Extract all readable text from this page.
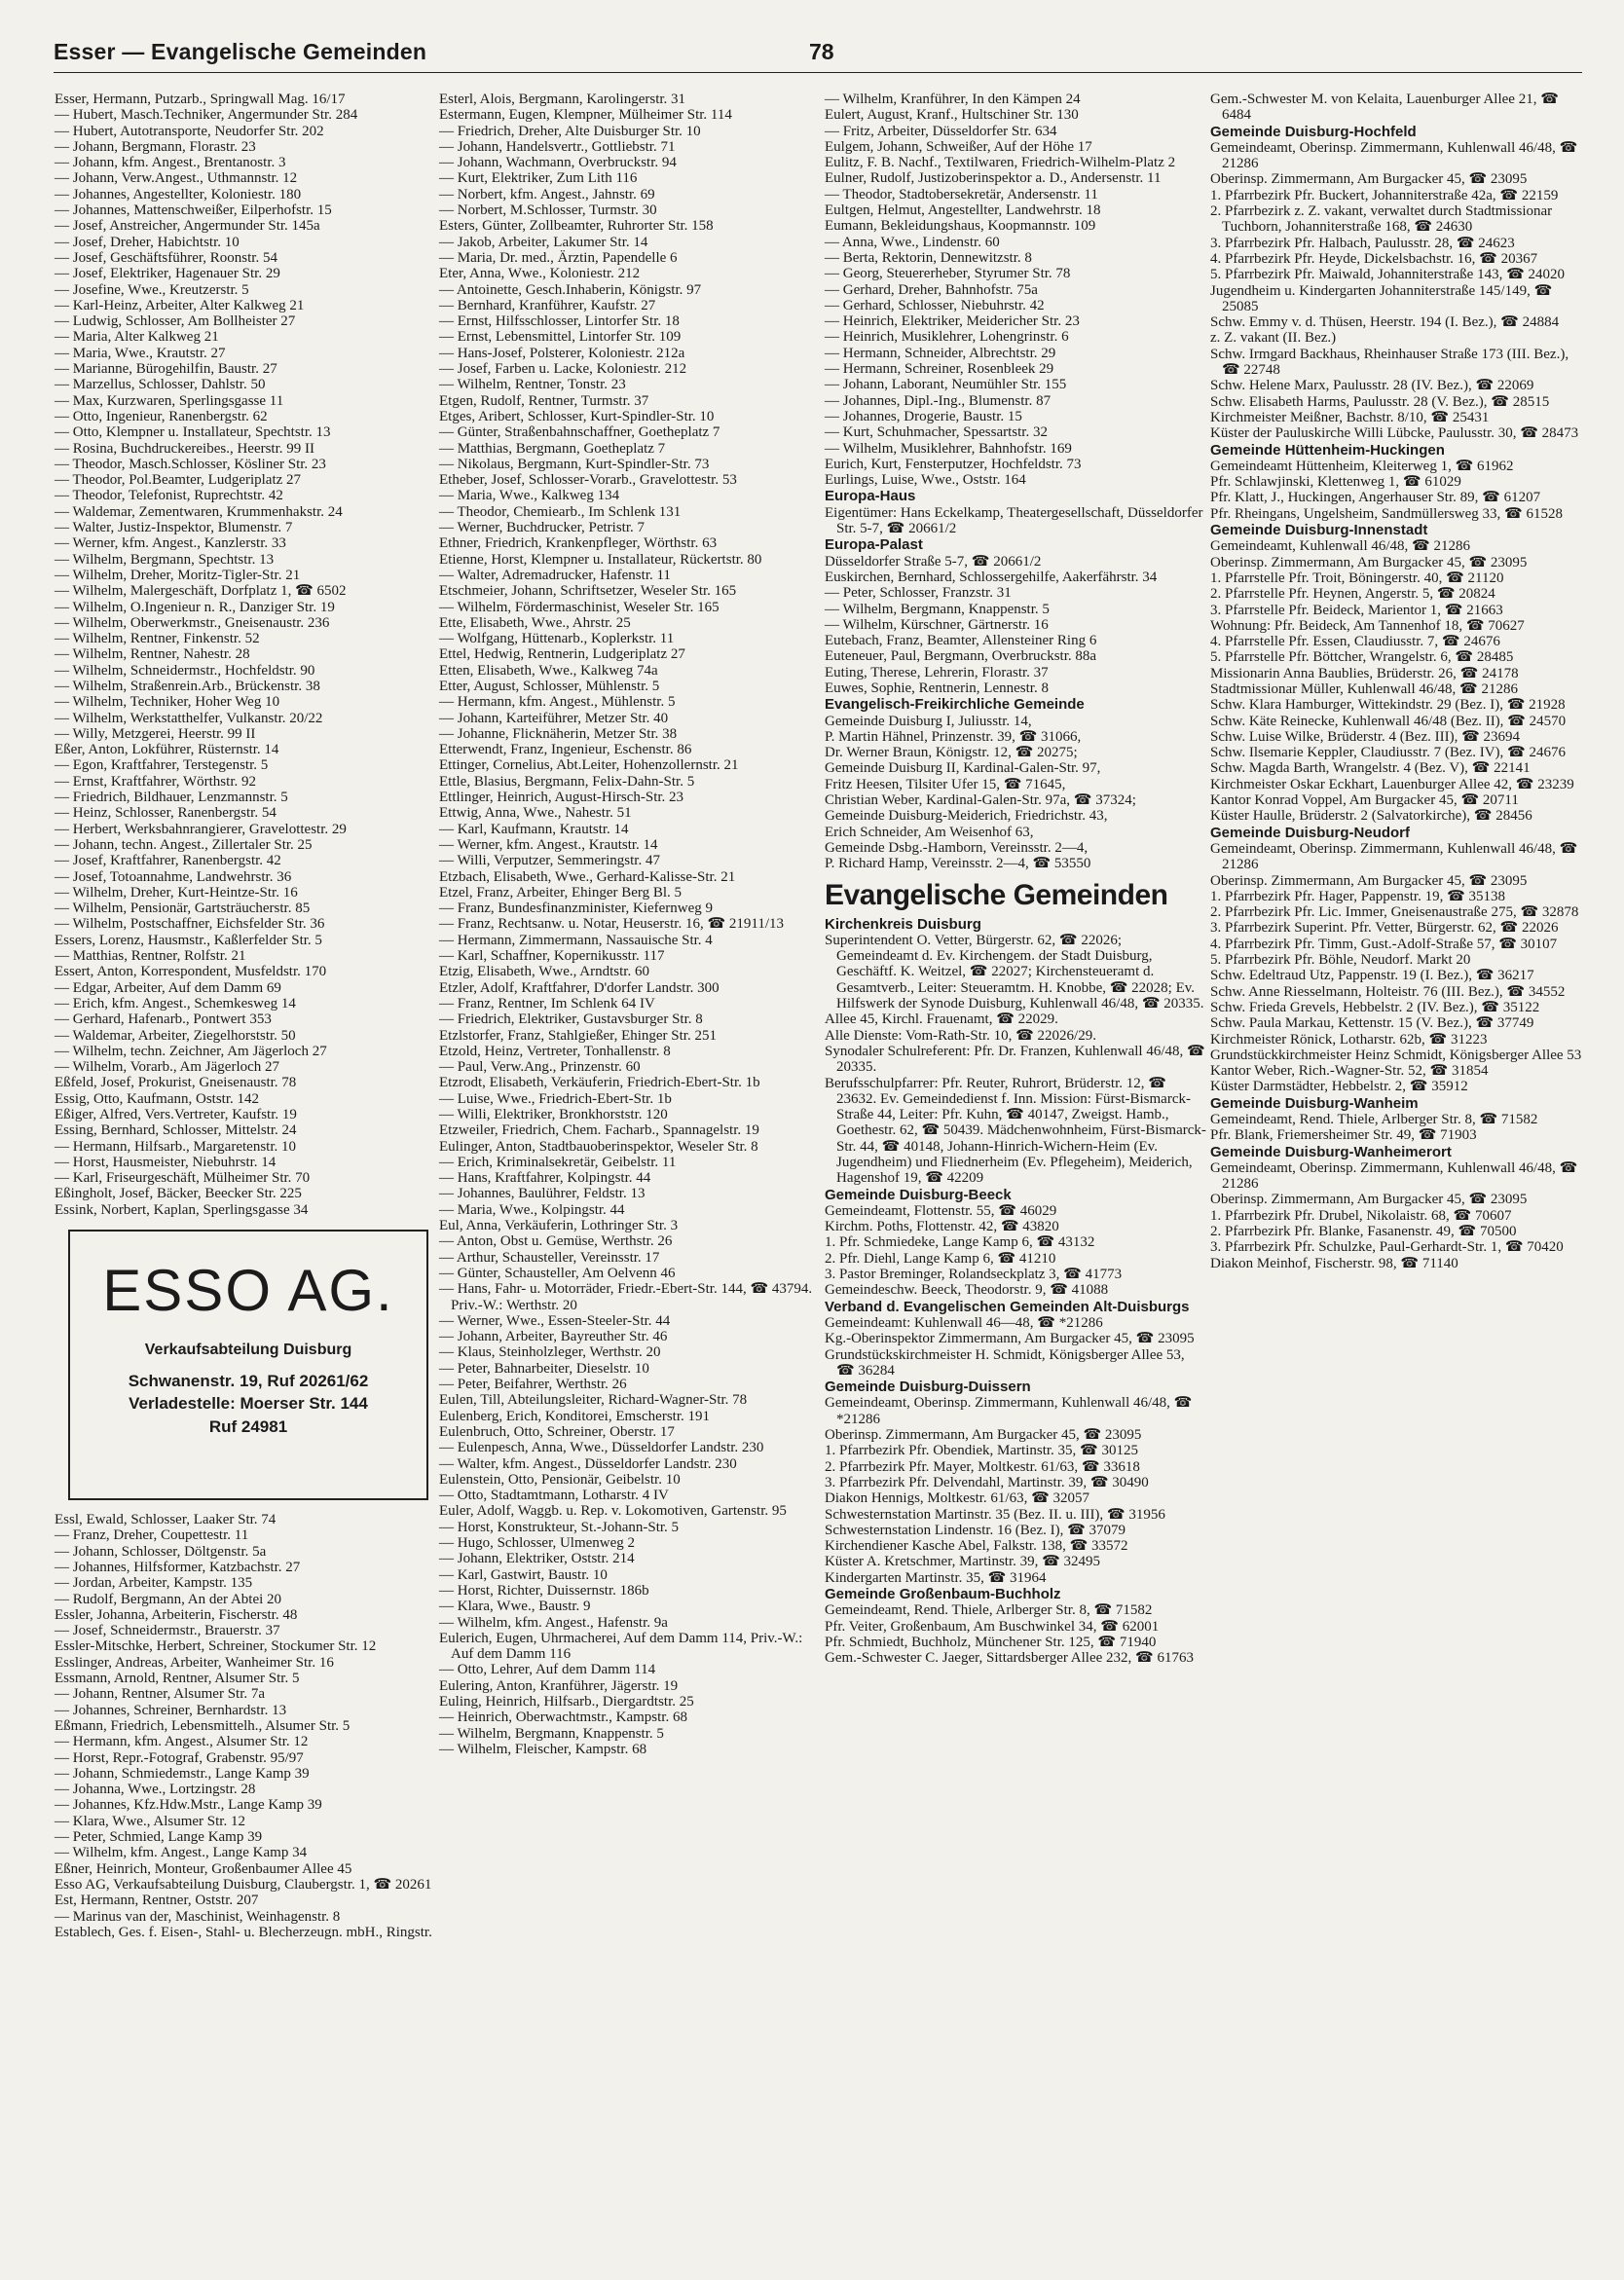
Esser — Evangelische Gemeinden	78
Esser, Hermann, Putzarb., Springwall Mag. 16/17
— Hubert, Masch.Techniker, Angermunder Str. 284
— Hubert, Autotransporte, Neudorfer Str. 202
— Johann, Bergmann, Florastr. 23
— Johann, kfm. Angest., Brentanostr. 3
— Johann, Verw.Angest., Uthmannstr. 12
— Johannes, Angestellter, Koloniestr. 180
— Johannes, Mattenschweißer, Eilperhofstr. 15
— Josef, Anstreicher, Angermunder Str. 145a
— Josef, Dreher, Habichtstr. 10
— Josef, Geschäftsführer, Roonstr. 54
— Josef, Elektriker, Hagenauer Str. 29
— Josefine, Wwe., Kreutzerstr. 5
— Karl-Heinz, Arbeiter, Alter Kalkweg 21
— Ludwig, Schlosser, Am Bollheister 27
— Maria, Alter Kalkweg 21
— Maria, Wwe., Krautstr. 27
— Marianne, Bürogehilfin, Baustr. 27
— Marzellus, Schlosser, Dahlstr. 50
— Max, Kurzwaren, Sperlingsgasse 11
— Otto, Ingenieur, Ranenbergstr. 62
— Otto, Klempner u. Installateur, Spechtstr. 13
— Rosina, Buchdruckereibes., Heerstr. 99 II
— Theodor, Masch.Schlosser, Kösliner Str. 23
— Theodor, Pol.Beamter, Ludgeriplatz 27
— Theodor, Telefonist, Ruprechtstr. 42
— Waldemar, Zementwaren, Krummenhakstr. 24
— Walter, Justiz-Inspektor, Blumenstr. 7
— Werner, kfm. Angest., Kanzlerstr. 33
— Wilhelm, Bergmann, Spechtstr. 13
— Wilhelm, Dreher, Moritz-Tigler-Str. 21
— Wilhelm, Malergeschäft, Dorfplatz 1, ☎ 6502
— Wilhelm, O.Ingenieur n. R., Danziger Str. 19
— Wilhelm, Oberwerkmstr., Gneisenaustr. 236
— Wilhelm, Rentner, Finkenstr. 52
— Wilhelm, Rentner, Nahestr. 28
— Wilhelm, Schneidermstr., Hochfeldstr. 90
— Wilhelm, Straßenrein.Arb., Brückenstr. 38
— Wilhelm, Techniker, Hoher Weg 10
— Wilhelm, Werkstatthelfer, Vulkanstr. 20/22
— Willy, Metzgerei, Heerstr. 99 II
Eßer, Anton, Lokführer, Rüsternstr. 14
— Egon, Kraftfahrer, Terstegenstr. 5
— Ernst, Kraftfahrer, Wörthstr. 92
— Friedrich, Bildhauer, Lenzmannstr. 5
— Heinz, Schlosser, Ranenbergstr. 54
— Herbert, Werksbahnrangierer, Gravelottestr. 29
— Johann, techn. Angest., Zillertaler Str. 25
— Josef, Kraftfahrer, Ranenbergstr. 42
— Josef, Totoannahme, Landwehrstr. 36
— Wilhelm, Dreher, Kurt-Heintze-Str. 16
— Wilhelm, Pensionär, Gartsträucherstr. 85
— Wilhelm, Postschaffner, Eichsfelder Str. 36
Essers, Lorenz, Hausmstr., Kaßlerfelder Str. 5
— Matthias, Rentner, Rolfstr. 21
Essert, Anton, Korrespondent, Musfeldstr. 170
— Edgar, Arbeiter, Auf dem Damm 69
— Erich, kfm. Angest., Schemkesweg 14
— Gerhard, Hafenarb., Pontwert 353
— Waldemar, Arbeiter, Ziegelhorststr. 50
— Wilhelm, techn. Zeichner, Am Jägerloch 27
— Wilhelm, Vorarb., Am Jägerloch 27
Eßfeld, Josef, Prokurist, Gneisenaustr. 78
Essig, Otto, Kaufmann, Oststr. 142
Eßiger, Alfred, Vers.Vertreter, Kaufstr. 19
Essing, Bernhard, Schlosser, Mittelstr. 24
— Hermann, Hilfsarb., Margaretenstr. 10
— Horst, Hausmeister, Niebuhrstr. 14
— Karl, Friseurgeschäft, Mülheimer Str. 70
Eßingholt, Josef, Bäcker, Beecker Str. 225
Essink, Norbert, Kaplan, Sperlingsgasse 34
ESSO AG.
Verkaufsabteilung Duisburg
Schwanenstr. 19, Ruf 20261/62
Verladestelle: Moerser Str. 144
Ruf 24981
Essl, Ewald, Schlosser, Laaker Str. 74
— Franz, Dreher, Coupettestr. 11
— Johann, Schlosser, Döltgenstr. 5a
— Johannes, Hilfsformer, Katzbachstr. 27
— Jordan, Arbeiter, Kampstr. 135
— Rudolf, Bergmann, An der Abtei 20
Essler, Johanna, Arbeiterin, Fischerstr. 48
— Josef, Schneidermstr., Brauerstr. 37
Essler-Mitschke, Herbert, Schreiner, Stockumer Str. 12
Esslinger, Andreas, Arbeiter, Wanheimer Str. 16
Essmann, Arnold, Rentner, Alsumer Str. 5
— Johann, Rentner, Alsumer Str. 7a
— Johannes, Schreiner, Bernhardstr. 13
Eßmann, Friedrich, Lebensmittelh., Alsumer Str. 5
— Hermann, kfm. Angest., Alsumer Str. 12
— Horst, Repr.-Fotograf, Grabenstr. 95/97
— Johann, Schmiedemstr., Lange Kamp 39
— Johanna, Wwe., Lortzingstr. 28
— Johannes, Kfz.Hdw.Mstr., Lange Kamp 39
— Klara, Wwe., Alsumer Str. 12
— Peter, Schmied, Lange Kamp 39
— Wilhelm, kfm. Angest., Lange Kamp 34
Eßner, Heinrich, Monteur, Großenbaumer Allee 45
Esso AG, Verkaufsabteilung Duisburg, Claubergstr. 1, ☎ 20261
Est, Hermann, Rentner, Oststr. 207
— Marinus van der, Maschinist, Weinhagenstr. 8
Establech, Ges. f. Eisen-, Stahl- u. Blecherzeugn. mbH., Ringstr.
Esterl, Alois, Bergmann, Karolingerstr. 31
Estermann, Eugen, Klempner, Mülheimer Str. 114
— Friedrich, Dreher, Alte Duisburger Str. 10
— Johann, Handelsvertr., Gottliebstr. 71
— Johann, Wachmann, Overbruckstr. 94
— Kurt, Elektriker, Zum Lith 116
— Norbert, kfm. Angest., Jahnstr. 69
— Norbert, M.Schlosser, Turmstr. 30
Esters, Günter, Zollbeamter, Ruhrorter Str. 158
— Jakob, Arbeiter, Lakumer Str. 14
— Maria, Dr. med., Ärztin, Papendelle 6
Eter, Anna, Wwe., Koloniestr. 212
— Antoinette, Gesch.Inhaberin, Königstr. 97
— Bernhard, Kranführer, Kaufstr. 27
— Ernst, Hilfsschlosser, Lintorfer Str. 18
— Ernst, Lebensmittel, Lintorfer Str. 109
— Hans-Josef, Polsterer, Koloniestr. 212a
— Josef, Farben u. Lacke, Koloniestr. 212
— Wilhelm, Rentner, Tonstr. 23
Etgen, Rudolf, Rentner, Turmstr. 37
Etges, Aribert, Schlosser, Kurt-Spindler-Str. 10
— Günter, Straßenbahnschaffner, Goetheplatz 7
— Matthias, Bergmann, Goetheplatz 7
— Nikolaus, Bergmann, Kurt-Spindler-Str. 73
Etheber, Josef, Schlosser-Vorarb., Gravelottestr. 53
— Maria, Wwe., Kalkweg 134
— Theodor, Chemiearb., Im Schlenk 131
— Werner, Buchdrucker, Petristr. 7
Ethner, Friedrich, Krankenpfleger, Wörthstr. 63
Etienne, Horst, Klempner u. Installateur, Rückertstr. 80
— Walter, Adremadrucker, Hafenstr. 11
Etschmeier, Johann, Schriftsetzer, Weseler Str. 165
— Wilhelm, Fördermaschinist, Weseler Str. 165
Ette, Elisabeth, Wwe., Ahrstr. 25
— Wolfgang, Hüttenarb., Koplerkstr. 11
Ettel, Hedwig, Rentnerin, Ludgeriplatz 27
Etten, Elisabeth, Wwe., Kalkweg 74a
Etter, August, Schlosser, Mühlenstr. 5
— Hermann, kfm. Angest., Mühlenstr. 5
— Johann, Karteiführer, Metzer Str. 40
— Johanne, Flicknäherin, Metzer Str. 38
Etterwendt, Franz, Ingenieur, Eschenstr. 86
Ettinger, Cornelius, Abt.Leiter, Hohenzollernstr. 21
Ettle, Blasius, Bergmann, Felix-Dahn-Str. 5
Ettlinger, Heinrich, August-Hirsch-Str. 23
Ettwig, Anna, Wwe., Nahestr. 51
— Karl, Kaufmann, Krautstr. 14
— Werner, kfm. Angest., Krautstr. 14
— Willi, Verputzer, Semmeringstr. 47
Etzbach, Elisabeth, Wwe., Gerhard-Kalisse-Str. 21
Etzel, Franz, Arbeiter, Ehinger Berg Bl. 5
— Franz, Bundesfinanzminister, Kiefernweg 9
— Franz, Rechtsanw. u. Notar, Heuserstr. 16, ☎ 21911/13
— Hermann, Zimmermann, Nassauische Str. 4
— Karl, Schaffner, Kopernikusstr. 117
Etzig, Elisabeth, Wwe., Arndtstr. 60
Etzler, Adolf, Kraftfahrer, D'dorfer Landstr. 300
— Franz, Rentner, Im Schlenk 64 IV
— Friedrich, Elektriker, Gustavsburger Str. 8
Etzlstorfer, Franz, Stahlgießer, Ehinger Str. 251
Etzold, Heinz, Vertreter, Tonhallenstr. 8
— Paul, Verw.Ang., Prinzenstr. 60
Etzrodt, Elisabeth, Verkäuferin, Friedrich-Ebert-Str. 1b
— Luise, Wwe., Friedrich-Ebert-Str. 1b
— Willi, Elektriker, Bronkhorststr. 120
Etzweiler, Friedrich, Chem. Facharb., Spannagelstr. 19
Eulinger, Anton, Stadtbauoberinspektor, Weseler Str. 8
— Erich, Kriminalsekretär, Geibelstr. 11
— Hans, Kraftfahrer, Kolpingstr. 44
— Johannes, Baulührer, Feldstr. 13
— Maria, Wwe., Kolpingstr. 44
Eul, Anna, Verkäuferin, Lothringer Str. 3
— Anton, Obst u. Gemüse, Werthstr. 26
— Arthur, Schausteller, Vereinsstr. 17
— Günter, Schausteller, Am Oelvenn 46
— Hans, Fahr- u. Motorräder, Friedr.-Ebert-Str. 144, ☎ 43794. Priv.-W.: Werthstr. 20
— Werner, Wwe., Essen-Steeler-Str. 44
— Johann, Arbeiter, Bayreuther Str. 46
— Klaus, Steinholzleger, Werthstr. 20
— Peter, Bahnarbeiter, Dieselstr. 10
— Peter, Beifahrer, Werthstr. 26
Eulen, Till, Abteilungsleiter, Richard-Wagner-Str. 78
Eulenberg, Erich, Konditorei, Emscherstr. 191
Eulenbruch, Otto, Schreiner, Oberstr. 17
— Eulenpesch, Anna, Wwe., Düsseldorfer Landstr. 230
— Walter, kfm. Angest., Düsseldorfer Landstr. 230
Eulenstein, Otto, Pensionär, Geibelstr. 10
— Otto, Stadtamtmann, Lotharstr. 4 IV
Euler, Adolf, Waggb. u. Rep. v. Lokomotiven, Gartenstr. 95
— Horst, Konstrukteur, St.-Johann-Str. 5
— Hugo, Schlosser, Ulmenweg 2
— Johann, Elektriker, Oststr. 214
— Karl, Gastwirt, Baustr. 10
— Horst, Richter, Duissernstr. 186b
— Klara, Wwe., Baustr. 9
— Wilhelm, kfm. Angest., Hafenstr. 9a
Eulerich, Eugen, Uhrmacherei, Auf dem Damm 114, Priv.-W.: Auf dem Damm 116
— Otto, Lehrer, Auf dem Damm 114
Eulering, Anton, Kranführer, Jägerstr. 19
Euling, Heinrich, Hilfsarb., Diergardtstr. 25
— Heinrich, Oberwachtmstr., Kampstr. 68
— Wilhelm, Bergmann, Knappenstr. 5
— Wilhelm, Fleischer, Kampstr. 68
— Wilhelm, Kranführer, In den Kämpen 24
Eulert, August, Kranf., Hultschiner Str. 130
— Fritz, Arbeiter, Düsseldorfer Str. 634
Eulgem, Johann, Schweißer, Auf der Höhe 17
Eulitz, F. B. Nachf., Textilwaren, Friedrich-Wilhelm-Platz 2
Eulner, Rudolf, Justizoberinspektor a. D., Andersenstr. 11
— Theodor, Stadtobersekretär, Andersenstr. 11
Eultgen, Helmut, Angestellter, Landwehrstr. 18
Eumann, Bekleidungshaus, Koopmannstr. 109
— Anna, Wwe., Lindenstr. 60
— Berta, Rektorin, Dennewitzstr. 8
— Georg, Steuererheber, Styrumer Str. 78
— Gerhard, Dreher, Bahnhofstr. 75a
— Gerhard, Schlosser, Niebuhrstr. 42
— Heinrich, Elektriker, Meidericher Str. 23
— Heinrich, Musiklehrer, Lohengrinstr. 6
— Hermann, Schneider, Albrechtstr. 29
— Hermann, Schreiner, Rosenbleek 29
— Johann, Laborant, Neumühler Str. 155
— Johannes, Dipl.-Ing., Blumenstr. 87
— Johannes, Drogerie, Baustr. 15
— Kurt, Schuhmacher, Spessartstr. 32
— Wilhelm, Musiklehrer, Bahnhofstr. 169
Eurich, Kurt, Fensterputzer, Hochfeldstr. 73
Eurlings, Luise, Wwe., Oststr. 164
Europa-Haus
Eigentümer: Hans Eckelkamp, Theatergesellschaft, Düsseldorfer Str. 5-7, ☎ 20661/2
Europa-Palast
Düsseldorfer Straße 5-7, ☎ 20661/2
Euskirchen, Bernhard, Schlossergehilfe, Aakerfährstr. 34
— Peter, Schlosser, Franzstr. 31
— Wilhelm, Bergmann, Knappenstr. 5
— Wilhelm, Kürschner, Gärtnerstr. 16
Eutebach, Franz, Beamter, Allensteiner Ring 6
Euteneuer, Paul, Bergmann, Overbruckstr. 88a
Euting, Therese, Lehrerin, Florastr. 37
Euwes, Sophie, Rentnerin, Lennestr. 8
Evangelisch-Freikirchliche Gemeinde
Gemeinde Duisburg I, Juliusstr. 14,
P. Martin Hähnel, Prinzenstr. 39, ☎ 31066,
Dr. Werner Braun, Königstr. 12, ☎ 20275;
Gemeinde Duisburg II, Kardinal-Galen-Str. 97,
Fritz Heesen, Tilsiter Ufer 15, ☎ 71645,
Christian Weber, Kardinal-Galen-Str. 97a, ☎ 37324;
Gemeinde Duisburg-Meiderich, Friedrichstr. 43,
Erich Schneider, Am Weisenhof 63,
Gemeinde Dsbg.-Hamborn, Vereinsstr. 2—4,
P. Richard Hamp, Vereinsstr. 2—4, ☎ 53550
Evangelische Gemeinden
Kirchenkreis Duisburg
Superintendent O. Vetter, Bürgerstr. 62, ☎ 22026; Gemeindeamt d. Ev. Kirchengem. der Stadt Duisburg, Geschäftf. K. Weitzel, ☎ 22027; Kirchensteueramt d. Gesamtverb., Leiter: Steueramtm. H. Knobbe, ☎ 22028; Ev. Hilfswerk der Synode Duisburg, Kuhlenwall 46/48, ☎ 20335.
Allee 45, Kirchl. Frauenamt, ☎ 22029.
Alle Dienste: Vom-Rath-Str. 10, ☎ 22026/29.
Synodaler Schulreferent: Pfr. Dr. Franzen, Kuhlenwall 46/48, ☎ 20335.
Berufsschulpfarrer: Pfr. Reuter, Ruhrort, Brüderstr. 12, ☎ 23632. Ev. Gemeindedienst f. Inn. Mission: Fürst-Bismarck-Straße 44, Leiter: Pfr. Kuhn, ☎ 40147, Zweigst. Hamb., Goethestr. 62, ☎ 50439. Mädchenwohnheim, Fürst-Bismarck-Str. 44, ☎ 40148, Johann-Hinrich-Wichern-Heim (Ev. Jugendheim) und Fliednerheim (Ev. Pflegeheim), Meiderich, Hagenshof 19, ☎ 42209
Gemeinde Duisburg-Beeck
Gemeindeamt, Flottenstr. 55, ☎ 46029
Kirchm. Poths, Flottenstr. 42, ☎ 43820
1. Pfr. Schmiedeke, Lange Kamp 6, ☎ 43132
2. Pfr. Diehl, Lange Kamp 6, ☎ 41210
3. Pastor Breminger, Rolandseckplatz 3, ☎ 41773
Gemeindeschw. Beeck, Theodorstr. 9, ☎ 41088
Verband d. Evangelischen Gemeinden Alt-Duisburgs
Gemeindeamt: Kuhlenwall 46—48, ☎ *21286
Kg.-Oberinspektor Zimmermann, Am Burgacker 45, ☎ 23095
Grundstückskirchmeister H. Schmidt, Königsberger Allee 53, ☎ 36284
Gemeinde Duisburg-Duissern
Gemeindeamt, Oberinsp. Zimmermann, Kuhlenwall 46/48, ☎ *21286
Oberinsp. Zimmermann, Am Burgacker 45, ☎ 23095
1. Pfarrbezirk Pfr. Obendiek, Martinstr. 35, ☎ 30125
2. Pfarrbezirk Pfr. Mayer, Moltkestr. 61/63, ☎ 33618
3. Pfarrbezirk Pfr. Delvendahl, Martinstr. 39, ☎ 30490
Diakon Hennigs, Moltkestr. 61/63, ☎ 32057
Schwesternstation Martinstr. 35 (Bez. II. u. III), ☎ 31956
Schwesternstation Lindenstr. 16 (Bez. I), ☎ 37079
Kirchendiener Kasche Abel, Falkstr. 138, ☎ 33572
Küster A. Kretschmer, Martinstr. 39, ☎ 32495
Kindergarten Martinstr. 35, ☎ 31964
Gemeinde Großenbaum-Buchholz
Gemeindeamt, Rend. Thiele, Arlberger Str. 8, ☎ 71582
Pfr. Veiter, Großenbaum, Am Buschwinkel 34, ☎ 62001
Pfr. Schmiedt, Buchholz, Münchener Str. 125, ☎ 71940
Gem.-Schwester C. Jaeger, Sittardsberger Allee 232, ☎ 61763
Gem.-Schwester M. von Kelaita, Lauenburger Allee 21, ☎ 6484
Gemeinde Duisburg-Hochfeld
Gemeindeamt, Oberinsp. Zimmermann, Kuhlenwall 46/48, ☎ 21286
Oberinsp. Zimmermann, Am Burgacker 45, ☎ 23095
1. Pfarrbezirk Pfr. Buckert, Johanniterstraße 42a, ☎ 22159
2. Pfarrbezirk z. Z. vakant, verwaltet durch Stadtmissionar Tuchborn, Johanniterstraße 168, ☎ 24630
3. Pfarrbezirk Pfr. Halbach, Paulusstr. 28, ☎ 24623
4. Pfarrbezirk Pfr. Heyde, Dickelsbachstr. 16, ☎ 20367
5. Pfarrbezirk Pfr. Maiwald, Johanniterstraße 143, ☎ 24020
Jugendheim u. Kindergarten Johanniterstraße 145/149, ☎ 25085
Schw. Emmy v. d. Thüsen, Heerstr. 194 (I. Bez.), ☎ 24884
z. Z. vakant (II. Bez.)
Schw. Irmgard Backhaus, Rheinhauser Straße 173 (III. Bez.), ☎ 22748
Schw. Helene Marx, Paulusstr. 28 (IV. Bez.), ☎ 22069
Schw. Elisabeth Harms, Paulusstr. 28 (V. Bez.), ☎ 28515
Kirchmeister Meißner, Bachstr. 8/10, ☎ 25431
Küster der Pauluskirche Willi Lübcke, Paulusstr. 30, ☎ 28473
Gemeinde Hüttenheim-Huckingen
Gemeindeamt Hüttenheim, Kleiterweg 1, ☎ 61962
Pfr. Schlawjinski, Klettenweg 1, ☎ 61029
Pfr. Klatt, J., Huckingen, Angerhauser Str. 89, ☎ 61207
Pfr. Rheingans, Ungelsheim, Sandmüllersweg 33, ☎ 61528
Gemeinde Duisburg-Innenstadt
Gemeindeamt, Kuhlenwall 46/48, ☎ 21286
Oberinsp. Zimmermann, Am Burgacker 45, ☎ 23095
1. Pfarrstelle Pfr. Troit, Böningerstr. 40, ☎ 21120
2. Pfarrstelle Pfr. Heynen, Angerstr. 5, ☎ 20824
3. Pfarrstelle Pfr. Beideck, Marientor 1, ☎ 21663
Wohnung: Pfr. Beideck, Am Tannenhof 18, ☎ 70627
4. Pfarrstelle Pfr. Essen, Claudiusstr. 7, ☎ 24676
5. Pfarrstelle Pfr. Böttcher, Wrangelstr. 6, ☎ 28485
Missionarin Anna Baublies, Brüderstr. 26, ☎ 24178
Stadtmissionar Müller, Kuhlenwall 46/48, ☎ 21286
Schw. Klara Hamburger, Wittekindstr. 29 (Bez. I), ☎ 21928
Schw. Käte Reinecke, Kuhlenwall 46/48 (Bez. II), ☎ 24570
Schw. Luise Wilke, Brüderstr. 4 (Bez. III), ☎ 23694
Schw. Ilsemarie Keppler, Claudiusstr. 7 (Bez. IV), ☎ 24676
Schw. Magda Barth, Wrangelstr. 4 (Bez. V), ☎ 22141
Kirchmeister Oskar Eckhart, Lauenburger Allee 42, ☎ 23239
Kantor Konrad Voppel, Am Burgacker 45, ☎ 20711
Küster Haulle, Brüderstr. 2 (Salvatorkirche), ☎ 28456
Gemeinde Duisburg-Neudorf
Gemeindeamt, Oberinsp. Zimmermann, Kuhlenwall 46/48, ☎ 21286
Oberinsp. Zimmermann, Am Burgacker 45, ☎ 23095
1. Pfarrbezirk Pfr. Hager, Pappenstr. 19, ☎ 35138
2. Pfarrbezirk Pfr. Lic. Immer, Gneisenaustraße 275, ☎ 32878
3. Pfarrbezirk Superint. Pfr. Vetter, Bürgerstr. 62, ☎ 22026
4. Pfarrbezirk Pfr. Timm, Gust.-Adolf-Straße 57, ☎ 30107
5. Pfarrbezirk Pfr. Böhle, Neudorf. Markt 20
Schw. Edeltraud Utz, Pappenstr. 19 (I. Bez.), ☎ 36217
Schw. Anne Riesselmann, Holteistr. 76 (III. Bez.), ☎ 34552
Schw. Frieda Grevels, Hebbelstr. 2 (IV. Bez.), ☎ 35122
Schw. Paula Markau, Kettenstr. 15 (V. Bez.), ☎ 37749
Kirchmeister Rönick, Lotharstr. 62b, ☎ 31223
Grundstückkirchmeister Heinz Schmidt, Königsberger Allee 53
Kantor Weber, Rich.-Wagner-Str. 52, ☎ 31854
Küster Darmstädter, Hebbelstr. 2, ☎ 35912
Gemeinde Duisburg-Wanheim
Gemeindeamt, Rend. Thiele, Arlberger Str. 8, ☎ 71582
Pfr. Blank, Friemersheimer Str. 49, ☎ 71903
Gemeinde Duisburg-Wanheimerort
Gemeindeamt, Oberinsp. Zimmermann, Kuhlenwall 46/48, ☎ 21286
Oberinsp. Zimmermann, Am Burgacker 45, ☎ 23095
1. Pfarrbezirk Pfr. Drubel, Nikolaistr. 68, ☎ 70607
2. Pfarrbezirk Pfr. Blanke, Fasanenstr. 49, ☎ 70500
3. Pfarrbezirk Pfr. Schulzke, Paul-Gerhardt-Str. 1, ☎ 70420
Diakon Meinhof, Fischerstr. 98, ☎ 71140
